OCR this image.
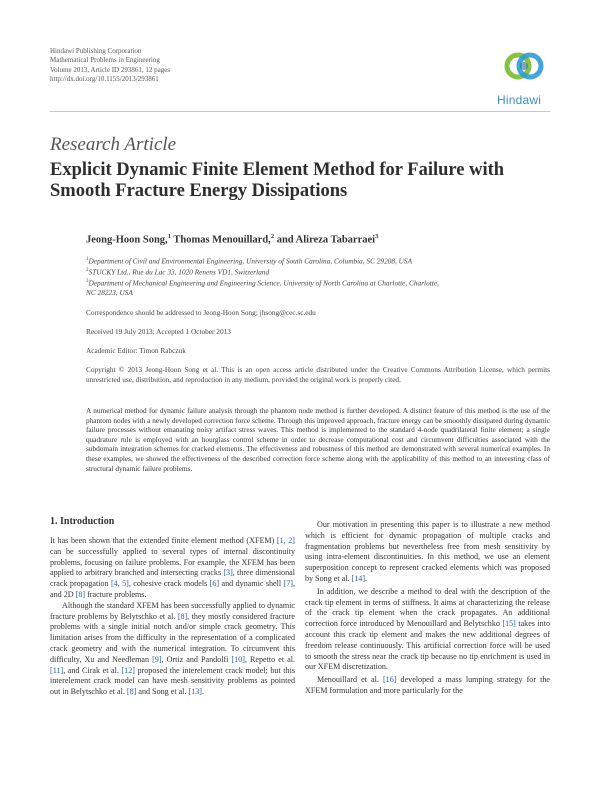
Hindawi Publishing Corporation
Mathematical Problems in Engineering
Volume 2013, Article ID 293861, 12 pages
http://dx.doi.org/10.1155/2013/293861
Hindawi
Research Article
Explicit Dynamic Finite Element Method for Failure with Smooth Fracture Energy Dissipations
Jeong-Hoon Song,$^1$ Thomas Menouillard,$^2$ and Alireza Tabarraei$^3$
$^1$Department of Civil and Environmental Engineering, University of South Carolina, Columbia, SC 29208, USA
$^2$STUCKY Ltd., Rue du Lac 33, 1020 Renens VD1, Switzerland
$^3$Department of Mechanical Engineering and Engineering Science, University of North Carolina at Charlotte, Charlotte, NC 28223, USA
Correspondence should be addressed to Jeong-Hoon Song; jhsong@cec.sc.edu
Received 19 July 2013; Accepted 1 October 2013
Academic Editor: Timon Rabczuk
Copyright © 2013 Jeong-Hoon Song et al. This is an open access article distributed under the Creative Commons Attribution License, which permits unrestricted use, distribution, and reproduction in any medium, provided the original work is properly cited.
A numerical method for dynamic failure analysis through the phantom node method is further developed. A distinct feature of this method is the use of the phantom nodes with a newly developed correction force scheme. Through this improved approach, fracture energy can be smoothly dissipated during dynamic failure processes without emanating noisy artifact stress waves. This method is implemented to the standard 4-node quadrilateral finite element; a single quadrature rule is employed with an hourglass control scheme in order to decrease computational cost and circumvent difficulties associated with the subdomain integration schemes for cracked elements. The effectiveness and robustness of this method are demonstrated with several numerical examples. In these examples, we showed the effectiveness of the described correction force scheme along with the applicability of this method to an interesting class of structural dynamic failure problems.
1. Introduction

It has been shown that the extended finite element method (XFEM) [1, 2] can be successfully applied to several types of internal discontinuity problems, focusing on failure problems. For example, the XFEM has been applied to arbitrary branched and intersecting cracks [3], three dimensional crack propagation [4, 5], cohesive crack models [6] and dynamic shell [7], and 2D [8] fracture problems.

Although the standard XFEM has been successfully applied to dynamic fracture problems by Belytschko et al. [8], they mostly considered fracture problems with a single initial notch and/or simple crack geometry. This limitation arises from the difficulty in the representation of a complicated crack geometry and with the numerical integration. To circumvent this difficulty, Xu and Needleman [9], Ortiz and Pandolfi [10], Repetto et al. [11], and Cirak et al. [12] proposed the interelement crack model; but this interelement crack model can have mesh sensitivity problems as pointed out in Belytschko et al. [8] and Song et al. [13].

Our motivation in presenting this paper is to illustrate a new method which is efficient for dynamic propagation of multiple cracks and fragmentation problems but nevertheless free from mesh sensitivity by using intra-element discontinuities. In this method, we use an element superposition concept to represent cracked elements which was proposed by Song et al. [14].

In addition, we describe a method to deal with the description of the crack tip element in terms of stiffness. It aims at characterizing the release of the crack tip element when the crack propagates. An additional correction force introduced by Menouillard and Belytschko [15] takes into account this crack tip element and makes the new additional degrees of freedom release continuously. This artificial correction force will be used to smooth the stress near the crack tip because no tip enrichment is used in our XFEM discretization.

Menouillard et al. [16] developed a mass lumping strategy for the XFEM formulation and more particularly for the
